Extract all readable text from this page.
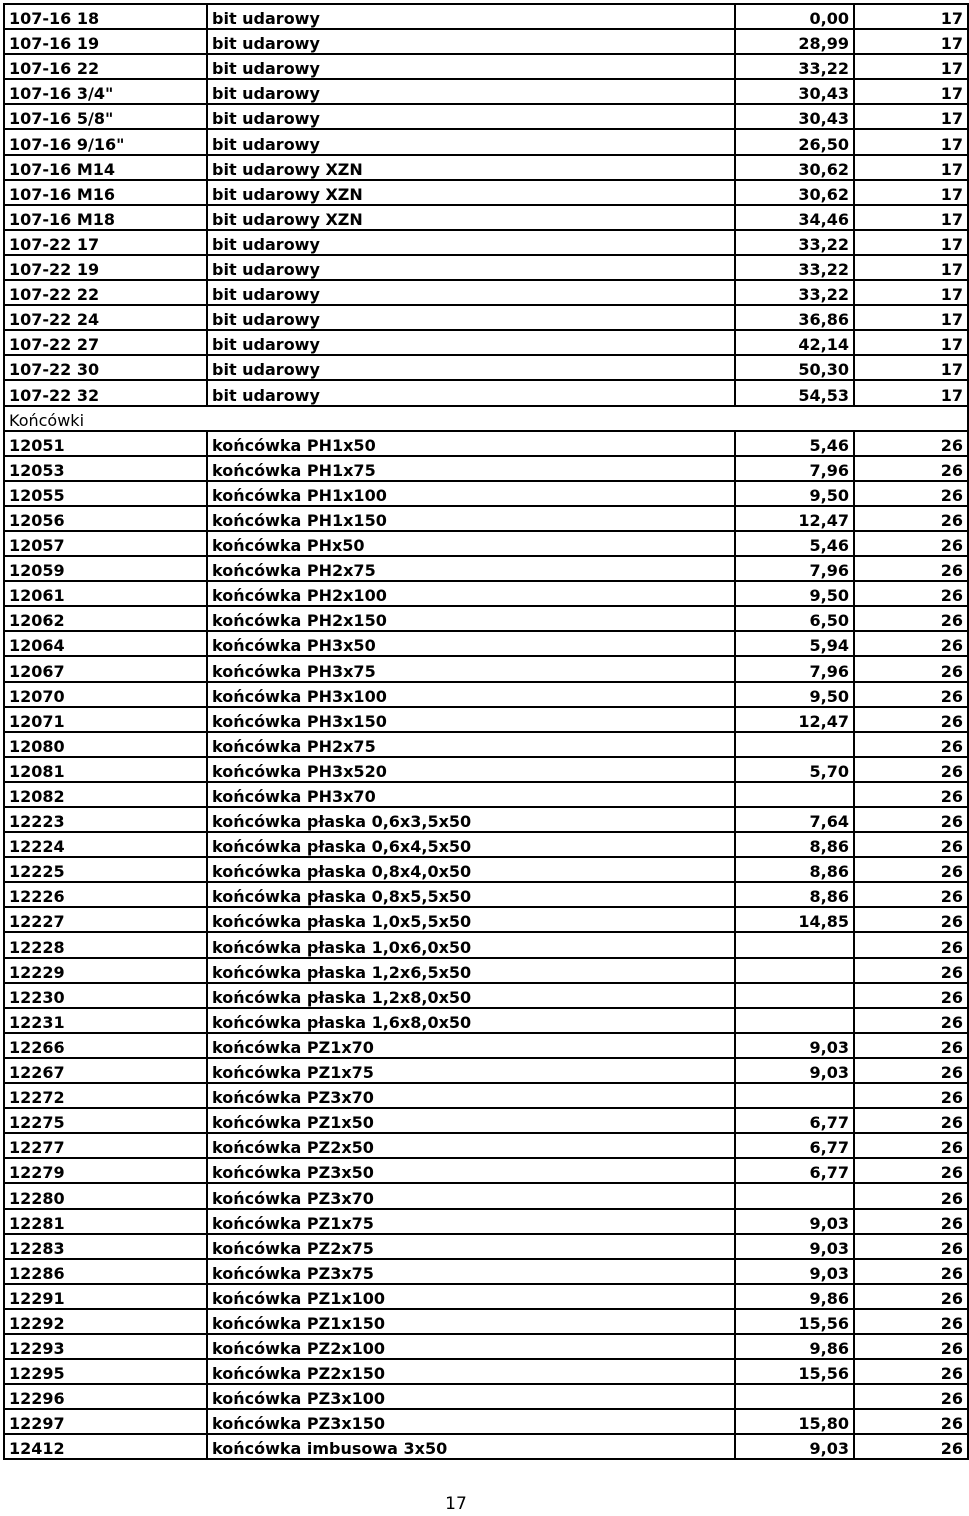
107-16 18	bit udarowy	0,00	17
107-16 19	bit udarowy	28,99	17
107-16 22	bit udarowy	33,22	17
107-16 3/4"	bit udarowy	30,43	17
107-16 5/8"	bit udarowy	30,43	17
107-16 9/16"	bit udarowy	26,50	17
107-16 M14	bit udarowy XZN	30,62	17
107-16 M16	bit udarowy XZN	30,62	17
107-16 M18	bit udarowy XZN	34,46	17
107-22 17	bit udarowy	33,22	17
107-22 19	bit udarowy	33,22	17
107-22 22	bit udarowy	33,22	17
107-22 24	bit udarowy	36,86	17
107-22 27	bit udarowy	42,14	17
107-22 30	bit udarowy	50,30	17
107-22 32	bit udarowy	54,53	17
Końcówki			
12051	końcówka PH1x50	5,46	26
12053	końcówka PH1x75	7,96	26
12055	końcówka PH1x100	9,50	26
12056	końcówka PH1x150	12,47	26
12057	końcówka PHx50	5,46	26
12059	końcówka PH2x75	7,96	26
12061	końcówka PH2x100	9,50	26
12062	końcówka PH2x150	6,50	26
12064	końcówka PH3x50	5,94	26
12067	końcówka PH3x75	7,96	26
12070	końcówka PH3x100	9,50	26
12071	końcówka PH3x150	12,47	26
12080	końcówka PH2x75		26
12081	końcówka PH3x520	5,70	26
12082	końcówka PH3x70		26
12223	końcówka płaska 0,6x3,5x50	7,64	26
12224	końcówka płaska 0,6x4,5x50	8,86	26
12225	końcówka płaska 0,8x4,0x50	8,86	26
12226	końcówka płaska 0,8x5,5x50	8,86	26
12227	końcówka płaska 1,0x5,5x50	14,85	26
12228	końcówka płaska 1,0x6,0x50		26
12229	końcówka płaska 1,2x6,5x50		26
12230	końcówka płaska 1,2x8,0x50		26
12231	końcówka płaska 1,6x8,0x50		26
12266	końcówka PZ1x70	9,03	26
12267	końcówka PZ1x75	9,03	26
12272	końcówka PZ3x70		26
12275	końcówka PZ1x50	6,77	26
12277	końcówka PZ2x50	6,77	26
12279	końcówka PZ3x50	6,77	26
12280	końcówka PZ3x70		26
12281	końcówka PZ1x75	9,03	26
12283	końcówka PZ2x75	9,03	26
12286	końcówka PZ3x75	9,03	26
12291	końcówka PZ1x100	9,86	26
12292	końcówka PZ1x150	15,56	26
12293	końcówka PZ2x100	9,86	26
12295	końcówka PZ2x150	15,56	26
12296	końcówka PZ3x100		26
12297	końcówka PZ3x150	15,80	26
12412	końcówka imbusowa 3x50	9,03	26
17
